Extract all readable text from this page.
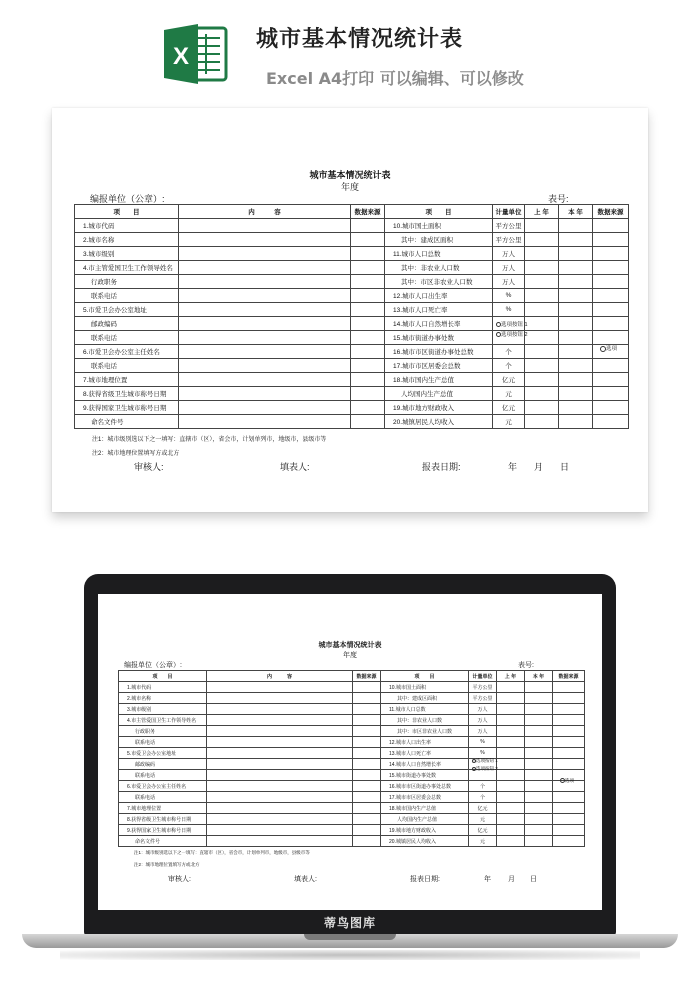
X
城市基本情况统计表
Excel A4打印 可以编辑、可以修改
城市基本情况统计表
年度
编报单位（公章）:	表号:
项　　目	内　　　容	数据来源	项　　目	计量单位	上 年	本 年	数据来源
1.城市代码			10.城市国土面积	平方公里			
2.城市名称			其中：建成区面积	平方公里			
3.城市级别			11.城市人口总数	万人			
4.市主管爱国卫生工作领导姓名			其中：非农业人口数	万人			
行政职务			其中：市区非农业人口数	万人			
联系电话			12.城市人口出生率	%			
5.市爱卫会办公室地址			13.城市人口死亡率	%			
邮政编码			14.城市人口自然增长率				
联系电话			15.城市街道办事处数				
6.市爱卫会办公室主任姓名			16.城市市区街道办事处总数	个			
联系电话			17.城市市区居委会总数	个			
7.城市地理位置			18.城市国内生产总值	亿元			
8.获得省级卫生城市称号日期			人均国内生产总值	元			
9.获得国家卫生城市称号日期			19.城市地方财政收入	亿元			
命名文件号			20.城镇居民人均收入	元			
选项按钮 1
选项按钮 2
选项
注1：城市级别选以下之一填写：直辖市（区），省会市，计划单列市，地级市，县级市等
注2：城市地理位置填写方或北方
审核人:	填表人:	报表日期:	年 月 日
城市基本情况统计表
年度
编报单位（公章）:	表号:
项　　目	内　　　容	数据来源	项　　目	计量单位	上 年	本 年	数据来源
1.城市代码			10.城市国土面积	平方公里			
2.城市名称			其中：建成区面积	平方公里			
3.城市级别			11.城市人口总数	万人			
4.市主管爱国卫生工作领导姓名			其中：非农业人口数	万人			
行政职务			其中：市区非农业人口数	万人			
联系电话			12.城市人口出生率	%			
5.市爱卫会办公室地址			13.城市人口死亡率	%			
邮政编码			14.城市人口自然增长率				
联系电话			15.城市街道办事处数				
6.市爱卫会办公室主任姓名			16.城市市区街道办事处总数	个			
联系电话			17.城市市区居委会总数	个			
7.城市地理位置			18.城市国内生产总值	亿元			
8.获得省级卫生城市称号日期			人均国内生产总值	元			
9.获得国家卫生城市称号日期			19.城市地方财政收入	亿元			
命名文件号			20.城镇居民人均收入	元			
选项按钮 1
选项按钮 2
选项
注1：城市级别选以下之一填写：直辖市（区），省会市，计划单列市，地级市，县级市等
注2：城市地理位置填写方或北方
审核人:	填表人:	报表日期:	年 月 日
蒂鸟图库
